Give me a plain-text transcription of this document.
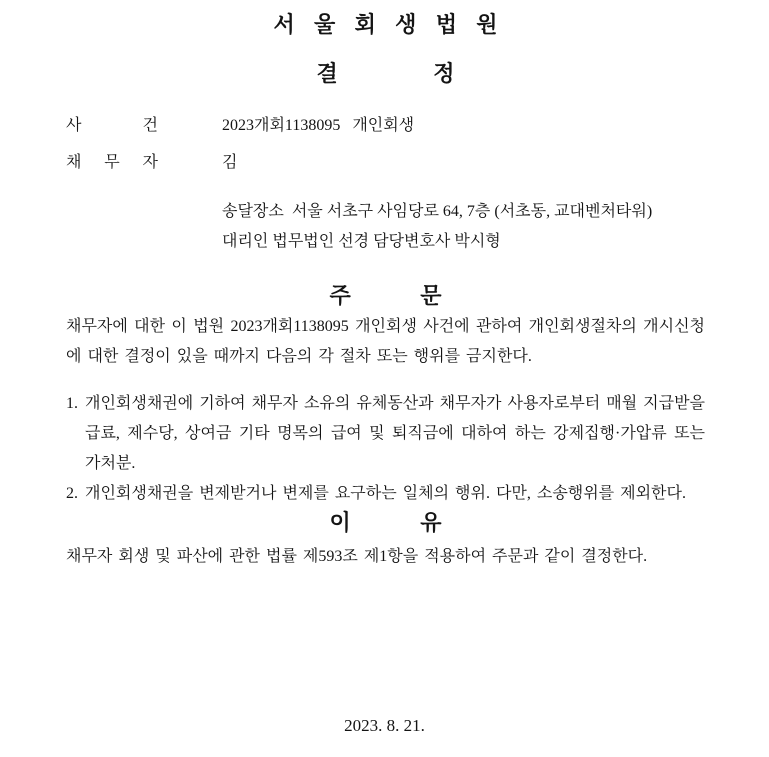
서 울 회 생 법 원
결 정
사 건	2023개회1138095   개인회생
채 무 자	김
송달장소  서울 서초구 사임당로 64, 7층 (서초동, 교대벤처타워)
대리인 법무법인 선경 담당변호사 박시형
주 문
채무자에 대한 이 법원 2023개회1138095 개인회생 사건에 관하여 개인회생절차의 개시신청에 대한 결정이 있을 때까지 다음의 각 절차 또는 행위를 금지한다.
1. 개인회생채권에 기하여 채무자 소유의 유체동산과 채무자가 사용자로부터 매월 지급받을 급료, 제수당, 상여금 기타 명목의 급여 및 퇴직금에 대하여 하는 강제집행·가압류 또는 가처분.
2. 개인회생채권을 변제받거나 변제를 요구하는 일체의 행위. 다만, 소송행위를 제외한다.
이 유
채무자 회생 및 파산에 관한 법률 제593조 제1항을 적용하여 주문과 같이 결정한다.
2023. 8. 21.
